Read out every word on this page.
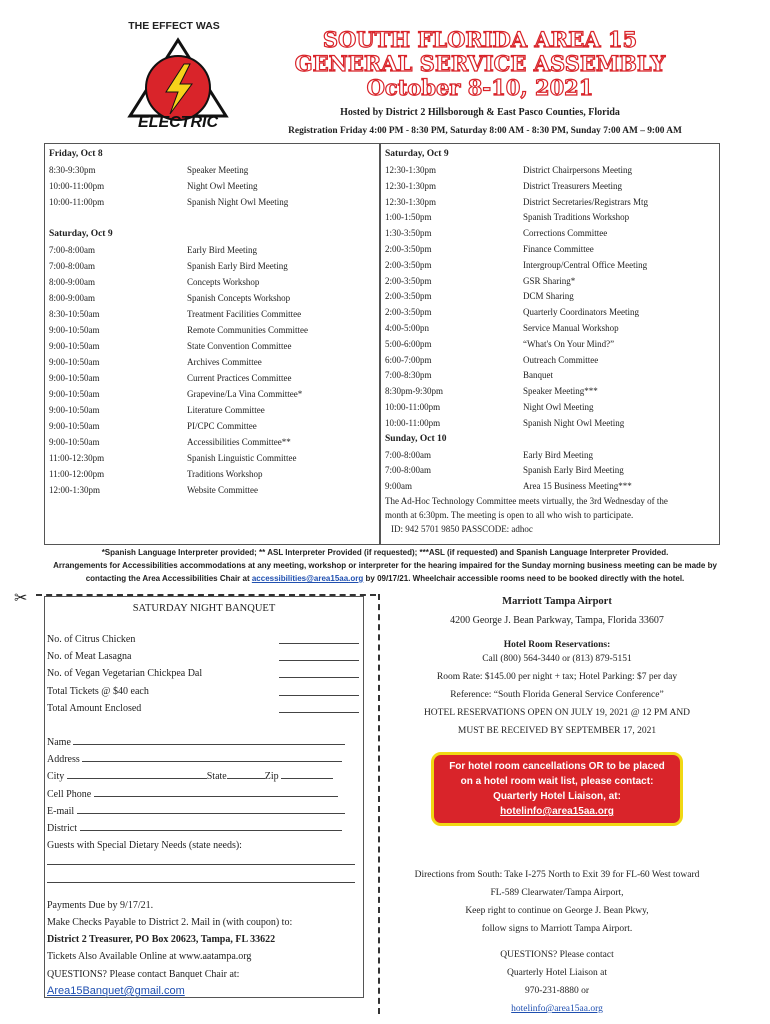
THE EFFECT WAS
ELECTRIC
SOUTH FLORIDA AREA 15
GENERAL SERVICE ASSEMBLY
October 8-10, 2021
Hosted by District 2 Hillsborough & East Pasco Counties, Florida
Registration Friday 4:00 PM - 8:30 PM, Saturday 8:00 AM - 8:30 PM, Sunday 7:00 AM – 9:00 AM
Friday, Oct 8
8:30-9:30pm	Speaker Meeting
10:00-11:00pm	Night Owl Meeting
10:00-11:00pm	Spanish Night Owl Meeting
Saturday, Oct 9
7:00-8:00am	Early Bird Meeting
7:00-8:00am	Spanish Early Bird Meeting
8:00-9:00am	Concepts Workshop
8:00-9:00am	Spanish Concepts Workshop
8:30-10:50am	Treatment Facilities Committee
9:00-10:50am	Remote Communities Committee
9:00-10:50am	State Convention Committee
9:00-10:50am	Archives Committee
9:00-10:50am	Current Practices Committee
9:00-10:50am	Grapevine/La Vina Committee*
9:00-10:50am	Literature Committee
9:00-10:50am	PI/CPC Committee
9:00-10:50am	Accessibilities Committee**
11:00-12:30pm	Spanish Linguistic Committee
11:00-12:00pm	Traditions Workshop
12:00-1:30pm	Website Committee
Saturday, Oct 9
12:30-1:30pm	District Chairpersons Meeting
12:30-1:30pm	District Treasurers Meeting
12:30-1:30pm	District Secretaries/Registrars Mtg
1:00-1:50pm	Spanish Traditions Workshop
1:30-3:50pm	Corrections Committee
2:00-3:50pm	Finance Committee
2:00-3:50pm	Intergroup/Central Office Meeting
2:00-3:50pm	GSR Sharing*
2:00-3:50pm	DCM Sharing
2:00-3:50pm	Quarterly Coordinators Meeting
4:00-5:00pn	Service Manual Workshop
5:00-6:00pm	“What's On Your Mind?”
6:00-7:00pm	Outreach Committee
7:00-8:30pm	Banquet
8:30pm-9:30pm	Speaker Meeting***
10:00-11:00pm	Night Owl Meeting
10:00-11:00pm	Spanish Night Owl Meeting
Sunday, Oct 10
7:00-8:00am	Early Bird Meeting
7:00-8:00am	Spanish Early Bird Meeting
9:00am	Area 15 Business Meeting***
The Ad-Hoc Technology Committee meets virtually, the 3rd Wednesday of the
month at 6:30pm. The meeting is open to all who wish to participate.
ID: 942 5701 9850 PASSCODE: adhoc
*Spanish Language Interpreter provided; ** ASL Interpreter Provided (if requested); ***ASL (if requested) and Spanish Language Interpreter Provided.
Arrangements for Accessibilities accommodations at any meeting, workshop or interpreter for the hearing impaired for the Sunday morning business meeting can be made by
contacting the Area Accessibilities Chair at accessibilities@area15aa.org by 09/17/21. Wheelchair accessible rooms need to be booked directly with the hotel.
✂
SATURDAY NIGHT BANQUET
No. of Citrus Chicken
No. of Meat Lasagna
No. of Vegan Vegetarian Chickpea Dal
Total Tickets @ $40 each
Total Amount Enclosed
Name
Address
City	State	Zip
Cell Phone
E-mail
District
Guests with Special Dietary Needs (state needs):
Payments Due by 9/17/21.
Make Checks Payable to District 2. Mail in (with coupon) to:
District 2 Treasurer, PO Box 20623, Tampa, FL 33622
Tickets Also Available Online at www.aatampa.org
QUESTIONS? Please contact Banquet Chair at:
Area15Banquet@gmail.com
Marriott Tampa Airport
4200 George J. Bean Parkway, Tampa, Florida 33607
Hotel Room Reservations:
Call (800) 564-3440 or (813) 879-5151
Room Rate: $145.00 per night + tax; Hotel Parking: $7 per day
Reference: “South Florida General Service Conference”
HOTEL RESERVATIONS OPEN ON JULY 19, 2021 @ 12 PM AND
MUST BE RECEIVED BY SEPTEMBER 17, 2021
For hotel room cancellations OR to be placed
on a hotel room wait list, please contact:
Quarterly Hotel Liaison, at:
hotelinfo@area15aa.org
Directions from South: Take I-275 North to Exit 39 for FL-60 West toward
FL-589 Clearwater/Tampa Airport,
Keep right to continue on George J. Bean Pkwy,
follow signs to Marriott Tampa Airport.
QUESTIONS? Please contact
Quarterly Hotel Liaison at
970-231-8880 or
hotelinfo@area15aa.org
